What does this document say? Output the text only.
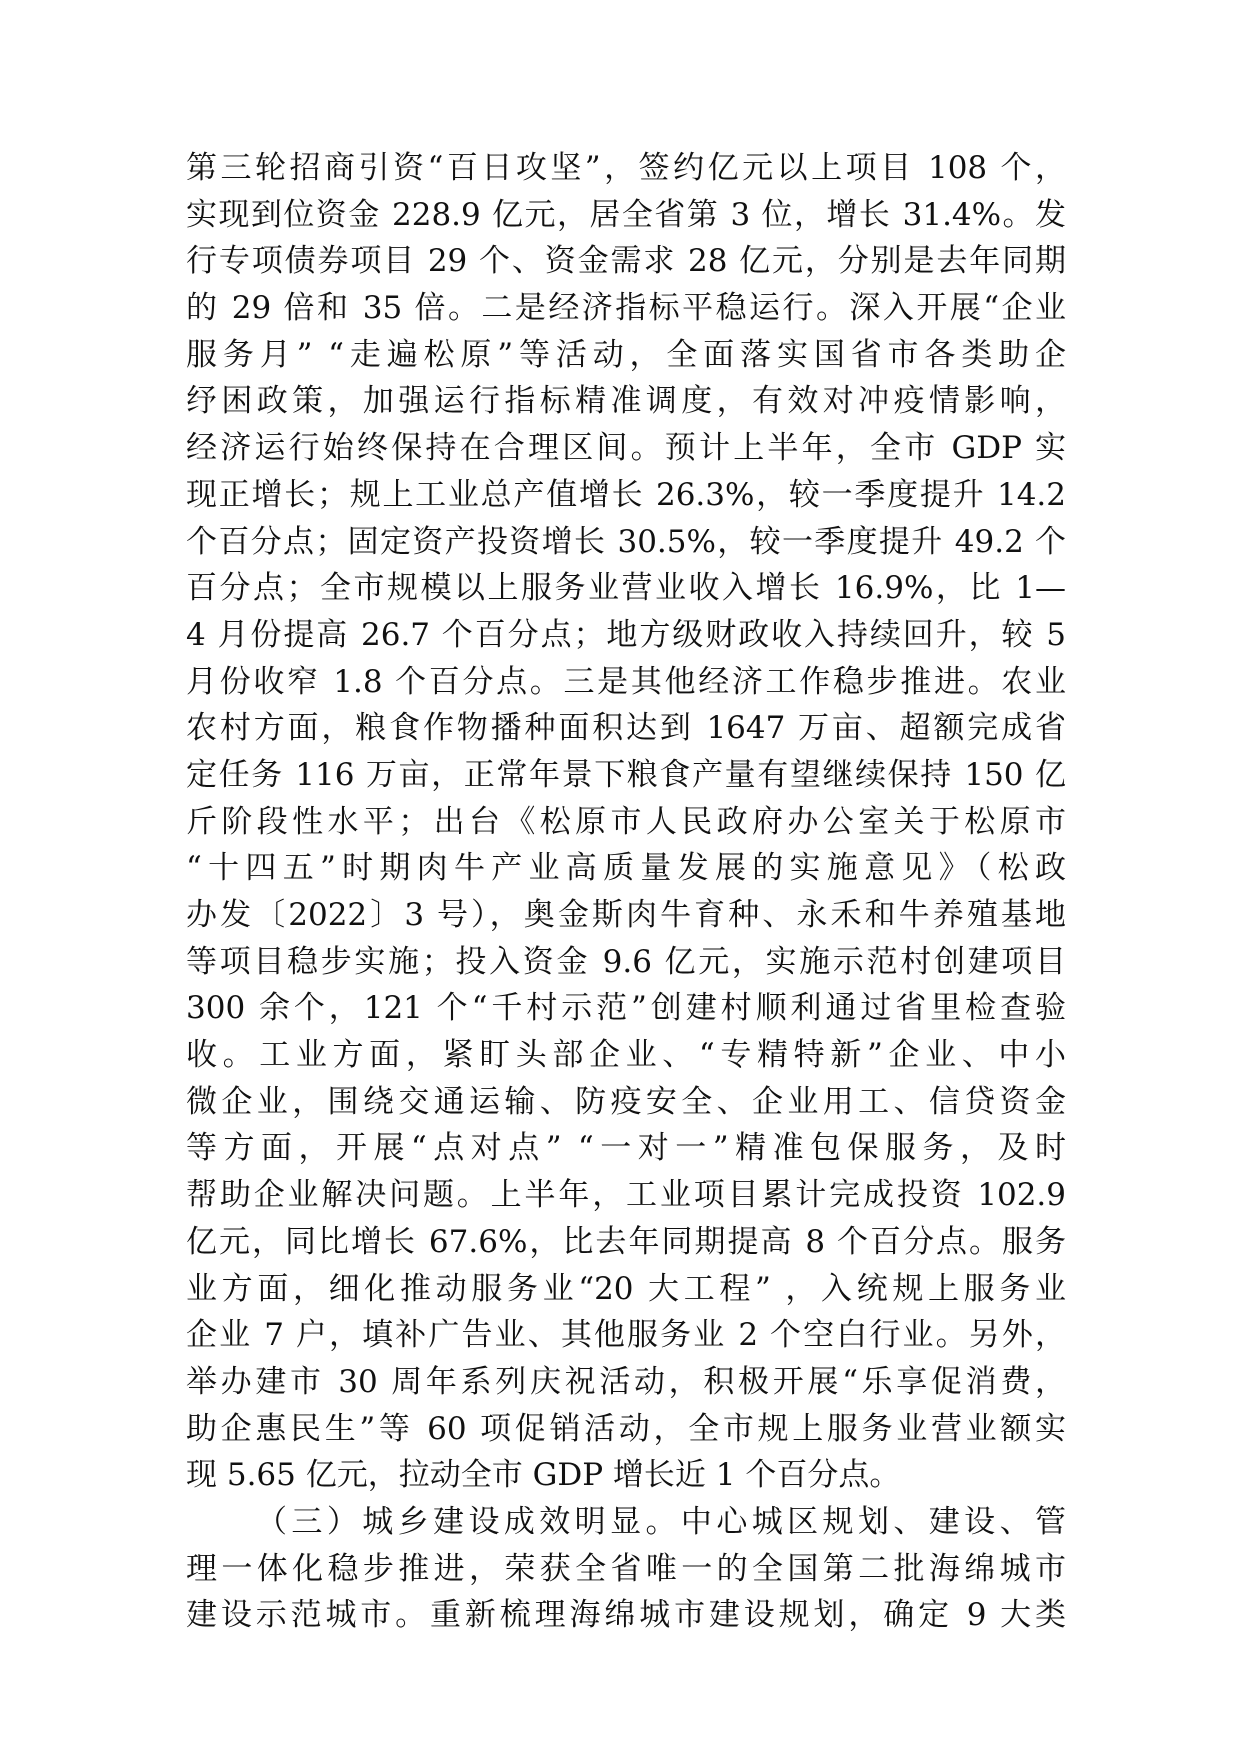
第三轮招商引资“百日攻坚”，签约亿元以上项目 108 个，
实现到位资金 228.9 亿元，居全省第 3 位，增长 31.4%。发
行专项债券项目 29 个、资金需求 28 亿元，分别是去年同期
的 29 倍和 35 倍。二是经济指标平稳运行。深入开展“企业
服务月” “走遍松原”等活动，全面落实国省市各类助企
纾困政策，加强运行指标精准调度，有效对冲疫情影响，
经济运行始终保持在合理区间。预计上半年，全市 GDP 实
现正增长；规上工业总产值增长 26.3%，较一季度提升 14.2
个百分点；固定资产投资增长 30.5%，较一季度提升 49.2 个
百分点；全市规模以上服务业营业收入增长 16.9%，比 1—
4 月份提高 26.7 个百分点；地方级财政收入持续回升，较 5
月份收窄 1.8 个百分点。三是其他经济工作稳步推进。农业
农村方面，粮食作物播种面积达到 1647 万亩、超额完成省
定任务 116 万亩，正常年景下粮食产量有望继续保持 150 亿
斤阶段性水平；出台《松原市人民政府办公室关于松原市
“十四五”时期肉牛产业高质量发展的实施意见》（松政
办发〔2022〕3 号），奥金斯肉牛育种、永禾和牛养殖基地
等项目稳步实施；投入资金 9.6 亿元，实施示范村创建项目
300 余个，121 个“千村示范”创建村顺利通过省里检查验
收。工业方面，紧盯头部企业、“专精特新”企业、中小
微企业，围绕交通运输、防疫安全、企业用工、信贷资金
等方面，开展“点对点” “一对一”精准包保服务，及时
帮助企业解决问题。上半年，工业项目累计完成投资 102.9
亿元，同比增长 67.6%，比去年同期提高 8 个百分点。服务
业方面，细化推动服务业“20 大工程” ，入统规上服务业
企业 7 户，填补广告业、其他服务业 2 个空白行业。另外，
举办建市 30 周年系列庆祝活动，积极开展“乐享促消费，
助企惠民生”等 60 项促销活动，全市规上服务业营业额实
现 5.65 亿元，拉动全市 GDP 增长近 1 个百分点。
（三）城乡建设成效明显。中心城区规划、建设、管
理一体化稳步推进，荣获全省唯一的全国第二批海绵城市
建设示范城市。重新梳理海绵城市建设规划，确定 9 大类
